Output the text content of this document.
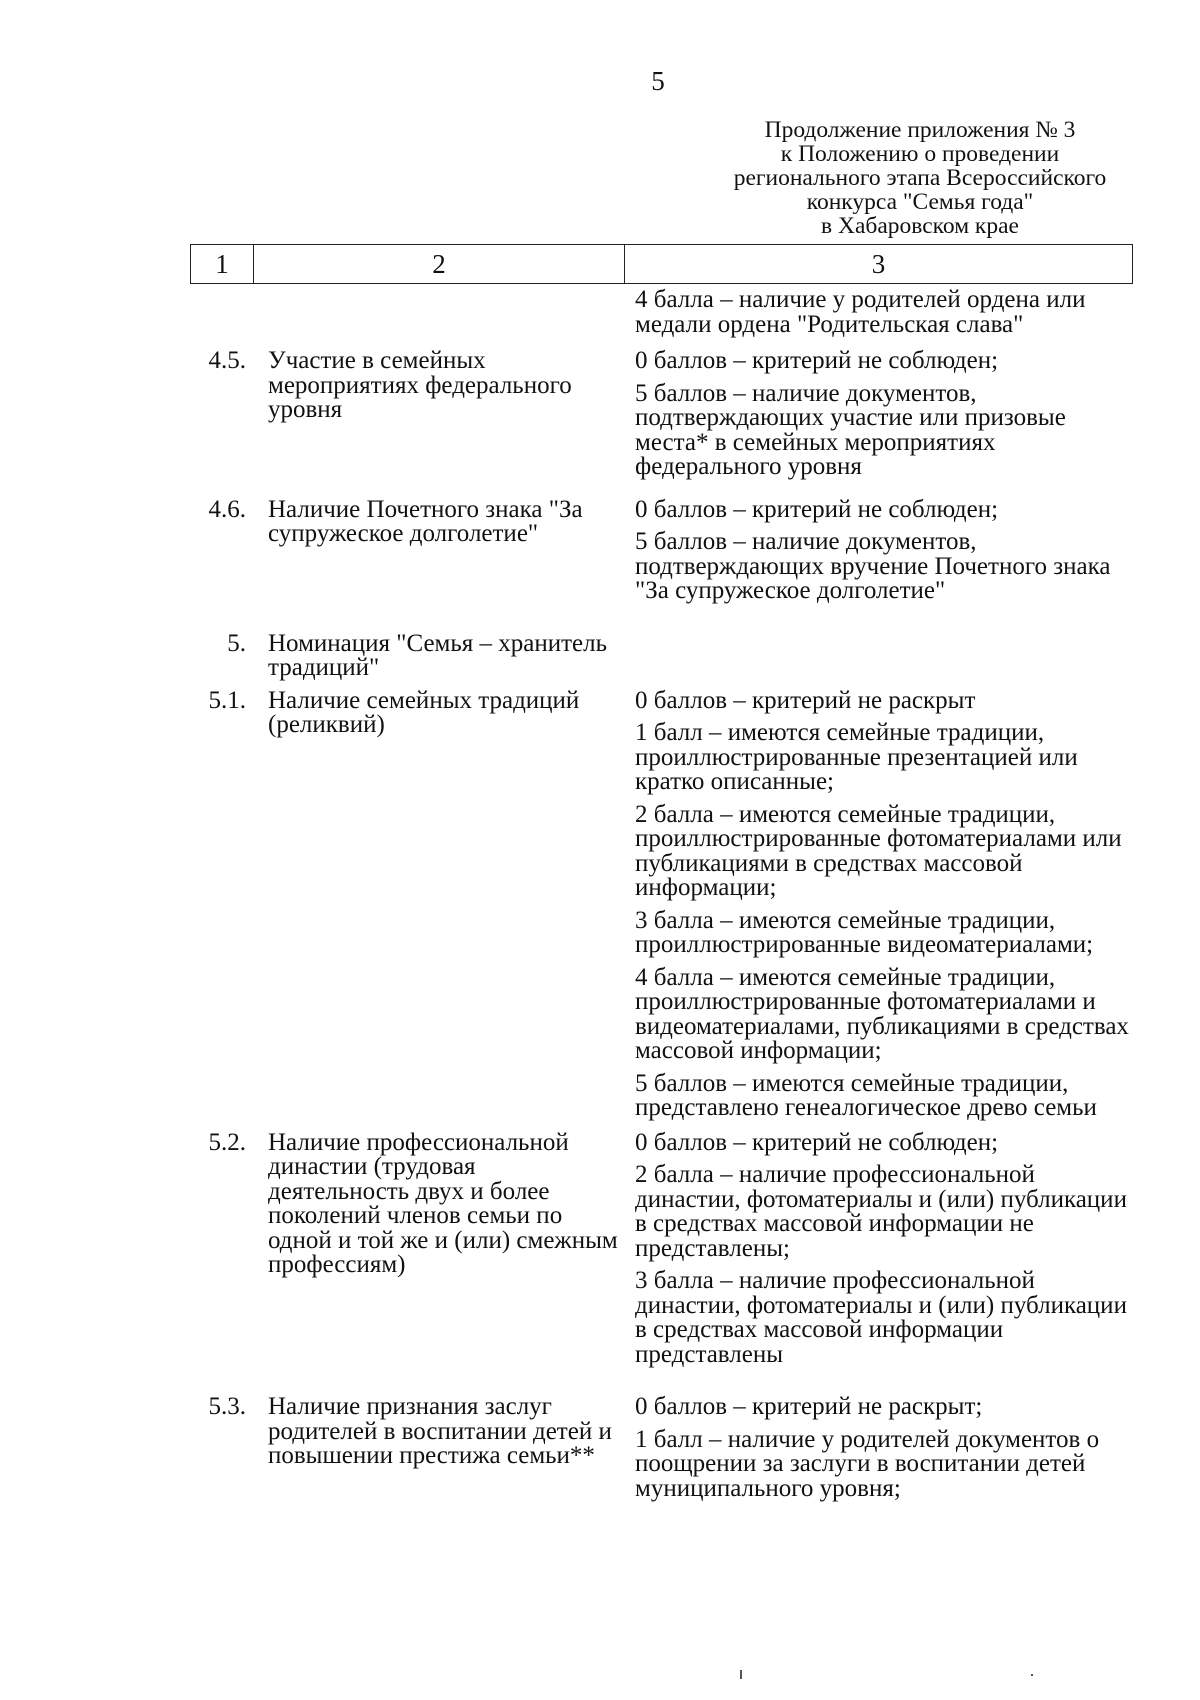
5
Продолжение приложения № 3
к Положению о проведении
регионального этапа Всероссийского
конкурса "Семья года"
в Хабаровском крае
1	2	3
4 балла – наличие у родителей ордена или медали ордена "Родительская слава"
4.5. Участие в семейных мероприятиях федерального уровня
0 баллов – критерий не соблюден;
5 баллов – наличие документов, подтверждающих участие или призовые места* в семейных мероприятиях федерального уровня
4.6. Наличие Почетного знака "За супружеское долголетие"
0 баллов – критерий не соблюден;
5 баллов – наличие документов, подтверждающих вручение Почетного знака "За супружеское долголетие"
5. Номинация "Семья – хранитель традиций"
5.1. Наличие семейных традиций (реликвий)
0 баллов – критерий не раскрыт
1 балл – имеются семейные традиции, проиллюстрированные презентацией или кратко описанные;
2 балла – имеются семейные традиции, проиллюстрированные фотоматериалами или публикациями в средствах массовой информации;
3 балла – имеются семейные традиции, проиллюстрированные видеоматериалами;
4 балла – имеются семейные традиции, проиллюстрированные фотоматериалами и видеоматериалами, публикациями в средствах массовой информации;
5 баллов – имеются семейные традиции, представлено генеалогическое древо семьи
5.2. Наличие профессиональной династии (трудовая деятельность двух и более поколений членов семьи по одной и той же и (или) смежным профессиям)
0 баллов – критерий не соблюден;
2 балла – наличие профессиональной династии, фотоматериалы и (или) публикации в средствах массовой информации не представлены;
3 балла – наличие профессиональной династии, фотоматериалы и (или) публикации в средствах массовой информации представлены
5.3. Наличие признания заслуг родителей в воспитании детей и повышении престижа семьи**
0 баллов – критерий не раскрыт;
1 балл – наличие у родителей документов о поощрении за заслуги в воспитании детей муниципального уровня;
